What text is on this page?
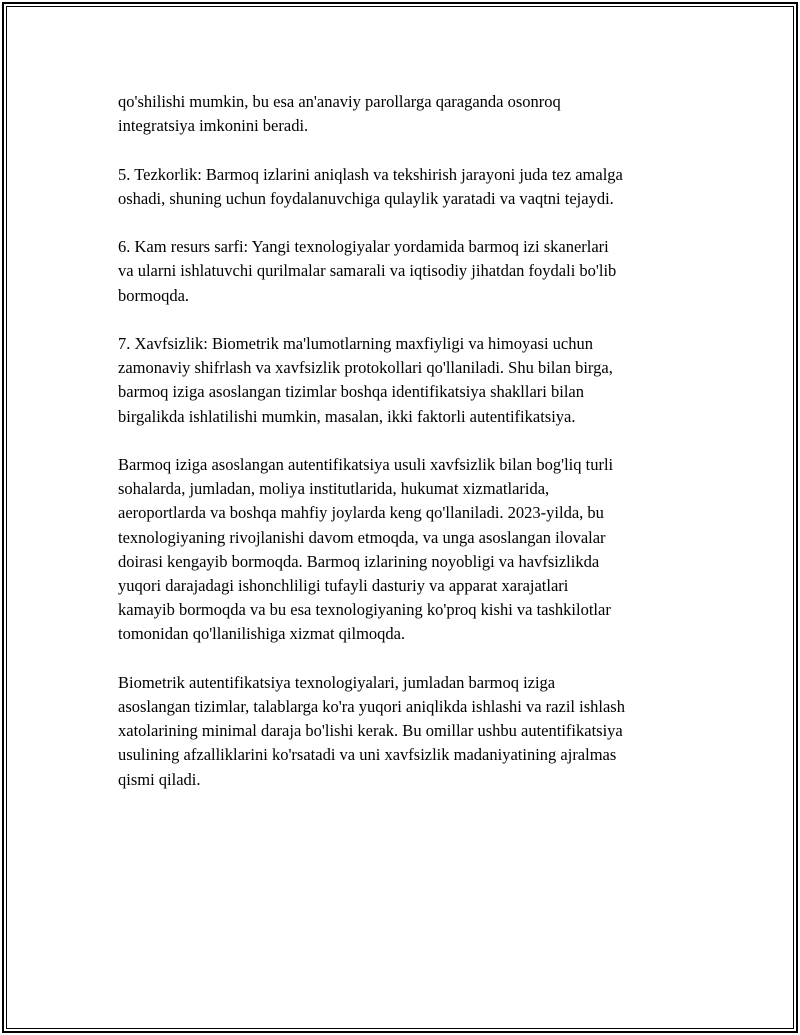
qo'shilishi mumkin, bu esa an'anaviy parollarga qaraganda osonroq
integratsiya imkonini beradi.

5. Tezkorlik: Barmoq izlarini aniqlash va tekshirish jarayoni juda tez amalga
oshadi, shuning uchun foydalanuvchiga qulaylik yaratadi va vaqtni tejaydi.

6. Kam resurs sarfi: Yangi texnologiyalar yordamida barmoq izi skanerlari
va ularni ishlatuvchi qurilmalar samarali va iqtisodiy jihatdan foydali bo'lib
bormoqda.

7. Xavfsizlik: Biometrik ma'lumotlarning maxfiyligi va himoyasi uchun
zamonaviy shifrlash va xavfsizlik protokollari qo'llaniladi. Shu bilan birga,
barmoq iziga asoslangan tizimlar boshqa identifikatsiya shakllari bilan
birgalikda ishlatilishi mumkin, masalan, ikki faktorli autentifikatsiya.

Barmoq iziga asoslangan autentifikatsiya usuli xavfsizlik bilan bog'liq turli
sohalarda, jumladan, moliya institutlarida, hukumat xizmatlarida,
aeroportlarda va boshqa mahfiy joylarda keng qo'llaniladi. 2023-yilda, bu
texnologiyaning rivojlanishi davom etmoqda, va unga asoslangan ilovalar
doirasi kengayib bormoqda. Barmoq izlarining noyobligi va havfsizlikda
yuqori darajadagi ishonchliligi tufayli dasturiy va apparat xarajatlari
kamayib bormoqda va bu esa texnologiyaning ko'proq kishi va tashkilotlar
tomonidan qo'llanilishiga xizmat qilmoqda.

Biometrik autentifikatsiya texnologiyalari, jumladan barmoq iziga
asoslangan tizimlar, talablarga ko'ra yuqori aniqlikda ishlashi va razil ishlash
xatolarining minimal daraja bo'lishi kerak. Bu omillar ushbu autentifikatsiya
usulining afzalliklarini ko'rsatadi va uni xavfsizlik madaniyatining ajralmas
qismi qiladi.
